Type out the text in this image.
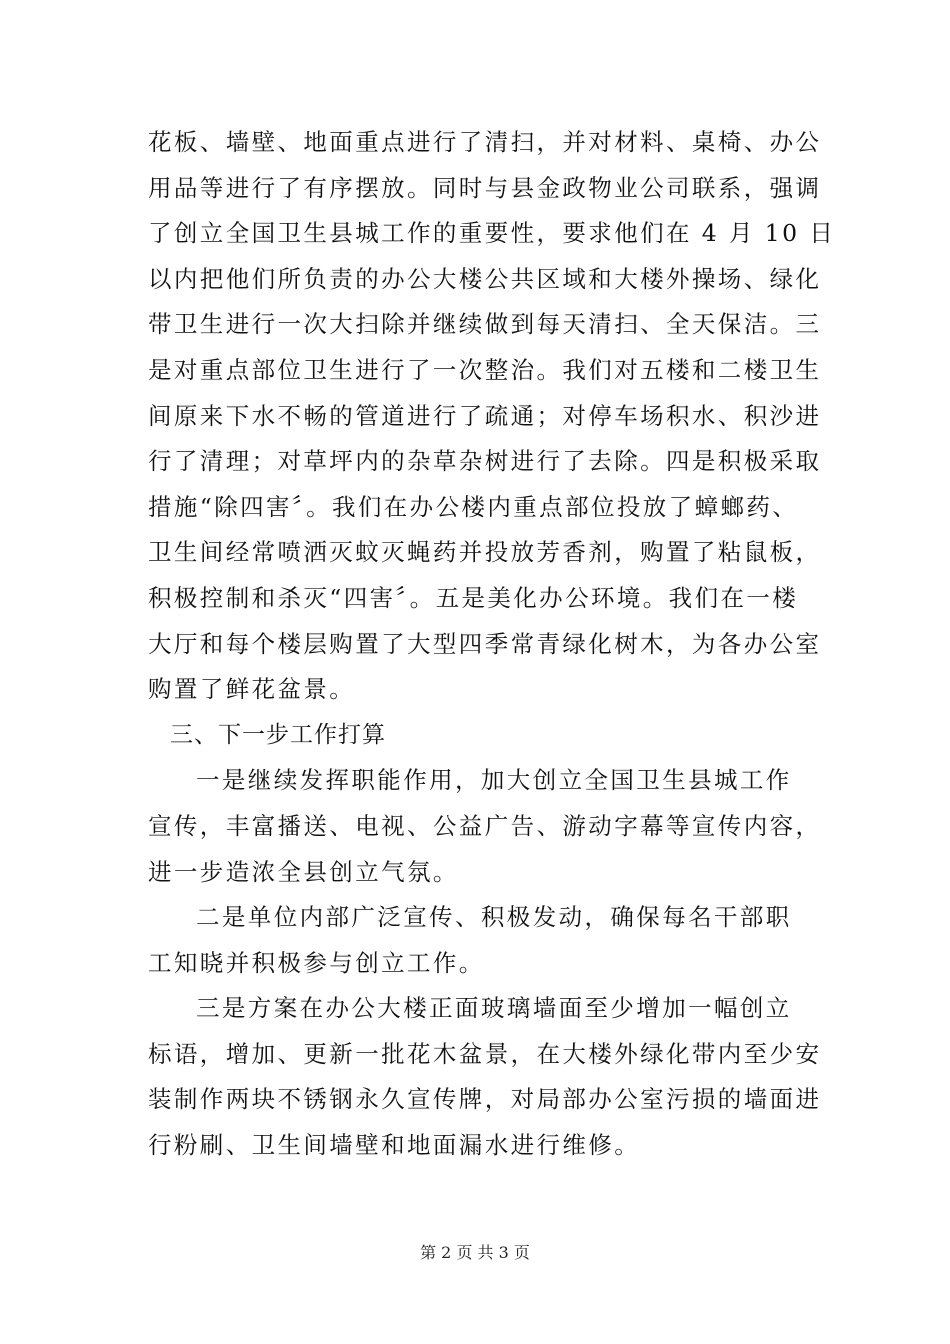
花板、墙壁、地面重点进行了清扫，并对材料、桌椅、办公
用品等进行了有序摆放。同时与县金政物业公司联系，强调
了创立全国卫生县城工作的重要性，要求他们在 4 月 10 日
以内把他们所负责的办公大楼公共区域和大楼外操场、绿化
带卫生进行一次大扫除并继续做到每天清扫、全天保洁。三
是对重点部位卫生进行了一次整治。我们对五楼和二楼卫生
间原来下水不畅的管道进行了疏通；对停车场积水、积沙进
行了清理；对草坪内的杂草杂树进行了去除。四是积极采取
措施“除四害〞。我们在办公楼内重点部位投放了蟑螂药、
卫生间经常喷洒灭蚊灭蝇药并投放芳香剂，购置了粘鼠板，
积极控制和杀灭“四害〞。五是美化办公环境。我们在一楼
大厅和每个楼层购置了大型四季常青绿化树木，为各办公室
购置了鲜花盆景。
三、下一步工作打算
一是继续发挥职能作用，加大创立全国卫生县城工作
宣传，丰富播送、电视、公益广告、游动字幕等宣传内容，
进一步造浓全县创立气氛。
二是单位内部广泛宣传、积极发动，确保每名干部职
工知晓并积极参与创立工作。
三是方案在办公大楼正面玻璃墙面至少增加一幅创立
标语，增加、更新一批花木盆景，在大楼外绿化带内至少安
装制作两块不锈钢永久宣传牌，对局部办公室污损的墙面进
行粉刷、卫生间墙壁和地面漏水进行维修。
第 2 页 共 3 页
